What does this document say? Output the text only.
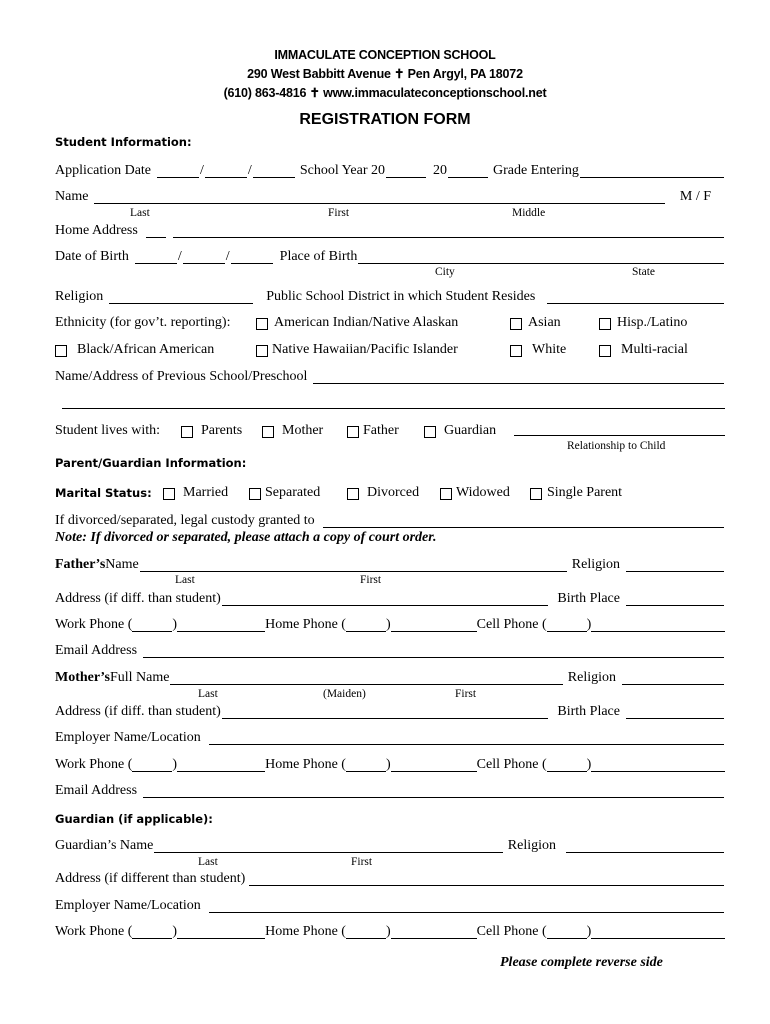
IMMACULATE CONCEPTION SCHOOL
290 West Babbitt Avenue ✝ Pen Argyl, PA 18072
(610) 863-4816 ✝ www.immaculateconceptionschool.net
REGISTRATION FORM
Student Information:
Application Date	/	/	School Year 20	20	Grade Entering
Name	M / F
Last	First	Middle
Home Address
Date of Birth	/	/	Place of Birth
City	State
Religion	Public School District in which Student Resides
Ethnicity (for gov’t. reporting):	American Indian/Native Alaskan	Asian	Hisp./Latino
Black/African American	Native Hawaiian/Pacific Islander	White	Multi-racial
Name/Address of Previous School/Preschool
Student lives with:	Parents	Mother	Father	Guardian
Relationship to Child
Parent/Guardian Information:
Marital Status: Married	Separated	Divorced	Widowed	Single Parent
If divorced/separated, legal custody granted to
Note: If divorced or separated, please attach a copy of court order.
Father’s Name	Religion
Last	First
Address (if diff. than student)	Birth Place
Work Phone (	)	Home Phone (	)	Cell Phone (	)
Email Address
Mother’s Full Name	Religion
Last	(Maiden)	First
Address (if diff. than student)	Birth Place
Employer Name/Location
Work Phone (	)	Home Phone (	)	Cell Phone (	)
Email Address
Guardian (if applicable):
Guardian’s Name	Religion
Last	First
Address (if different than student)
Employer Name/Location
Work Phone (	)	Home Phone (	)	Cell Phone (	)
Please complete reverse side
